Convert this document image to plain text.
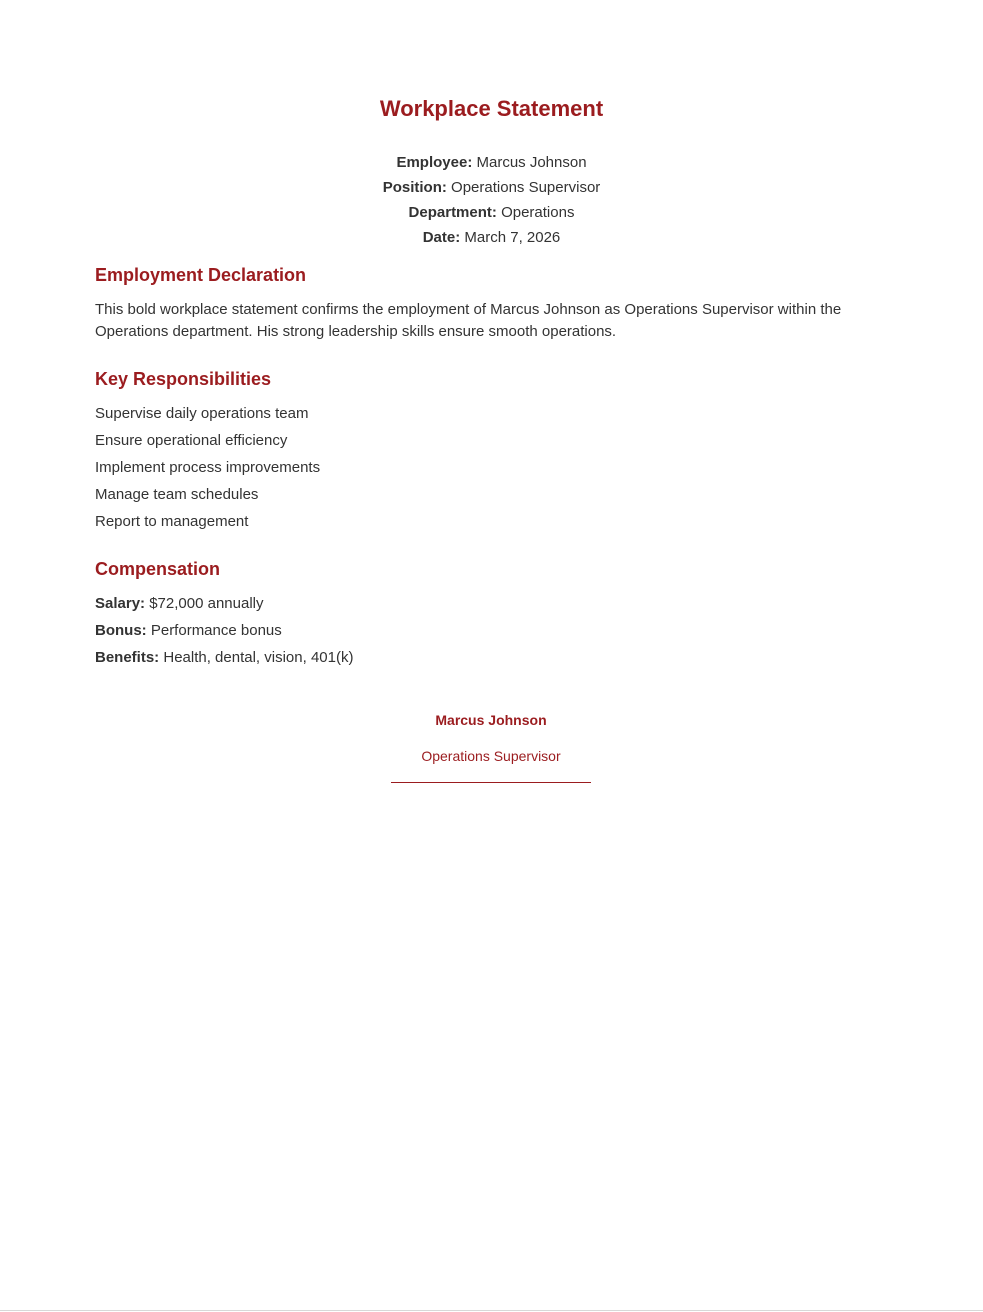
Workplace Statement
Employee: Marcus Johnson
Position: Operations Supervisor
Department: Operations
Date: March 7, 2026
Employment Declaration

This bold workplace statement confirms the employment of Marcus Johnson as Operations Supervisor within the Operations department. His strong leadership skills ensure smooth operations.

Key Responsibilities
Supervise daily operations team
Ensure operational efficiency
Implement process improvements
Manage team schedules
Report to management
Compensation
Salary: $72,000 annually
Bonus: Performance bonus
Benefits: Health, dental, vision, 401(k)
Marcus Johnson
Operations Supervisor
